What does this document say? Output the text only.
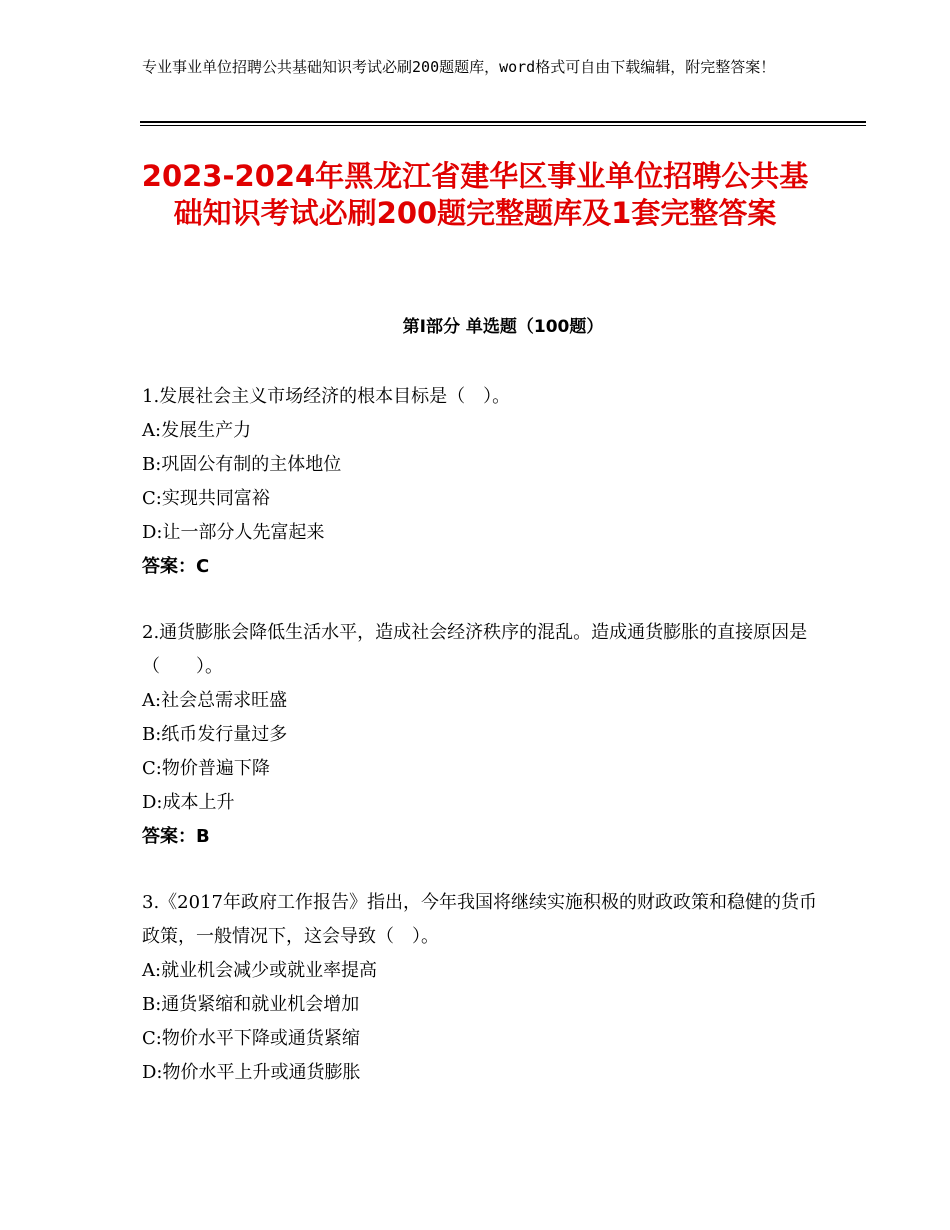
专业事业单位招聘公共基础知识考试必刷200题题库，word格式可自由下载编辑，附完整答案！
2023-2024年黑龙江省建华区事业单位招聘公共基础知识考试必刷200题完整题库及1套完整答案
第Ⅰ部分 单选题（100题）
1.发展社会主义市场经济的根本目标是（　）。
A:发展生产力
B:巩固公有制的主体地位
C:实现共同富裕
D:让一部分人先富起来
答案：C
2.通货膨胀会降低生活水平，造成社会经济秩序的混乱。造成通货膨胀的直接原因是（　　）。
A:社会总需求旺盛
B:纸币发行量过多
C:物价普遍下降
D:成本上升
答案：B
3.《2017年政府工作报告》指出，今年我国将继续实施积极的财政政策和稳健的货币政策，一般情况下，这会导致（　）。
A:就业机会减少或就业率提高
B:通货紧缩和就业机会增加
C:物价水平下降或通货紧缩
D:物价水平上升或通货膨胀
